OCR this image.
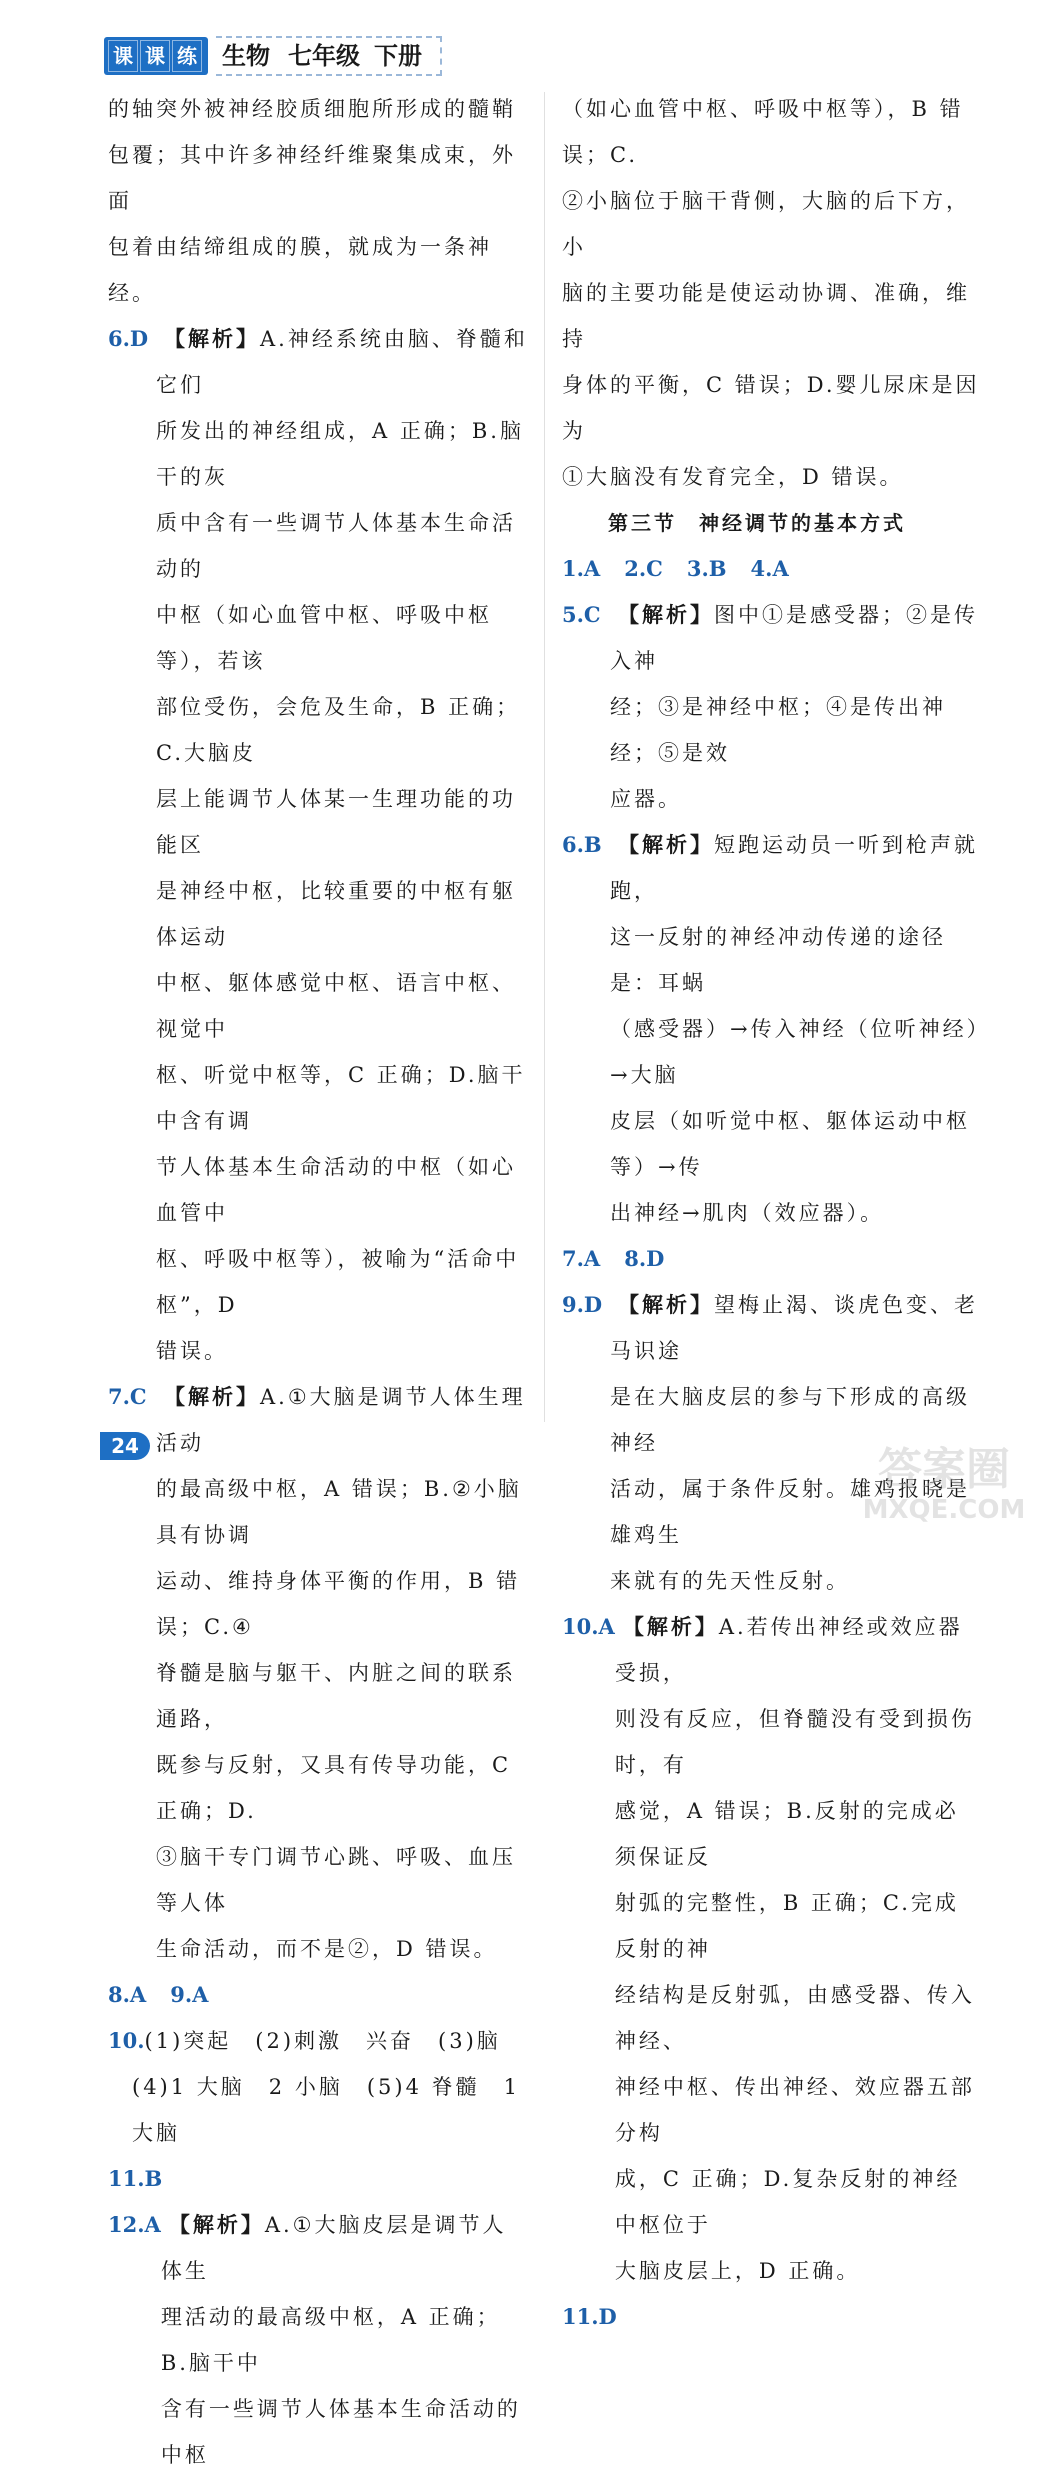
课 课 练 生物 七年级 下册

的轴突外被神经胶质细胞所形成的髓鞘

包覆；其中许多神经纤维聚集成束，外面

包着由结缔组成的膜，就成为一条神经。

6.D 【解析】A.神经系统由脑、脊髓和它们

所发出的神经组成，A 正确；B.脑干的灰

质中含有一些调节人体基本生命活动的

中枢（如心血管中枢、呼吸中枢等），若该

部位受伤，会危及生命，B 正确；C.大脑皮

层上能调节人体某一生理功能的功能区

是神经中枢，比较重要的中枢有躯体运动

中枢、躯体感觉中枢、语言中枢、视觉中

枢、听觉中枢等，C 正确；D.脑干中含有调

节人体基本生命活动的中枢（如心血管中

枢、呼吸中枢等），被喻为“活命中枢”，D

错误。

7.C 【解析】A.①大脑是调节人体生理活动

的最高级中枢，A 错误；B.②小脑具有协调

运动、维持身体平衡的作用，B 错误；C.④

脊髓是脑与躯干、内脏之间的联系通路，

既参与反射，又具有传导功能，C 正确；D.

③脑干专门调节心跳、呼吸、血压等人体

生命活动，而不是②，D 错误。

8.A 9.A
10. (1)突起　(2)刺激　兴奋　(3)脑

(4)1 大脑　2 小脑　(5)4 脊髓　1 大脑

11.B
12.A 【解析】A.①大脑皮层是调节人体生

理活动的最高级中枢，A 正确；B.脑干中

含有一些调节人体基本生命活动的中枢

（如心血管中枢、呼吸中枢等），B 错误；C.

②小脑位于脑干背侧，大脑的后下方，小

脑的主要功能是使运动协调、准确，维持

身体的平衡，C 错误；D.婴儿尿床是因为

①大脑没有发育完全，D 错误。

第三节 神经调节的基本方式

1.A 2.C 3.B 4.A
5.C 【解析】图中①是感受器；②是传入神

经；③是神经中枢；④是传出神经；⑤是效

应器。

6.B 【解析】短跑运动员一听到枪声就跑，

这一反射的神经冲动传递的途径是：耳蜗

（感受器）→传入神经（位听神经）→大脑

皮层（如听觉中枢、躯体运动中枢等）→传

出神经→肌肉（效应器）。

7.A 8.D
9.D 【解析】望梅止渴、谈虎色变、老马识途

是在大脑皮层的参与下形成的高级神经

活动，属于条件反射。雄鸡报晓是雄鸡生

来就有的先天性反射。

10.A 【解析】A.若传出神经或效应器受损，

则没有反应，但脊髓没有受到损伤时，有

感觉，A 错误；B.反射的完成必须保证反

射弧的完整性，B 正确；C.完成反射的神

经结构是反射弧，由感受器、传入神经、

神经中枢、传出神经、效应器五部分构

成，C 正确；D.复杂反射的神经中枢位于

大脑皮层上，D 正确。

11.D
24	答案圈
MXQE.COM
